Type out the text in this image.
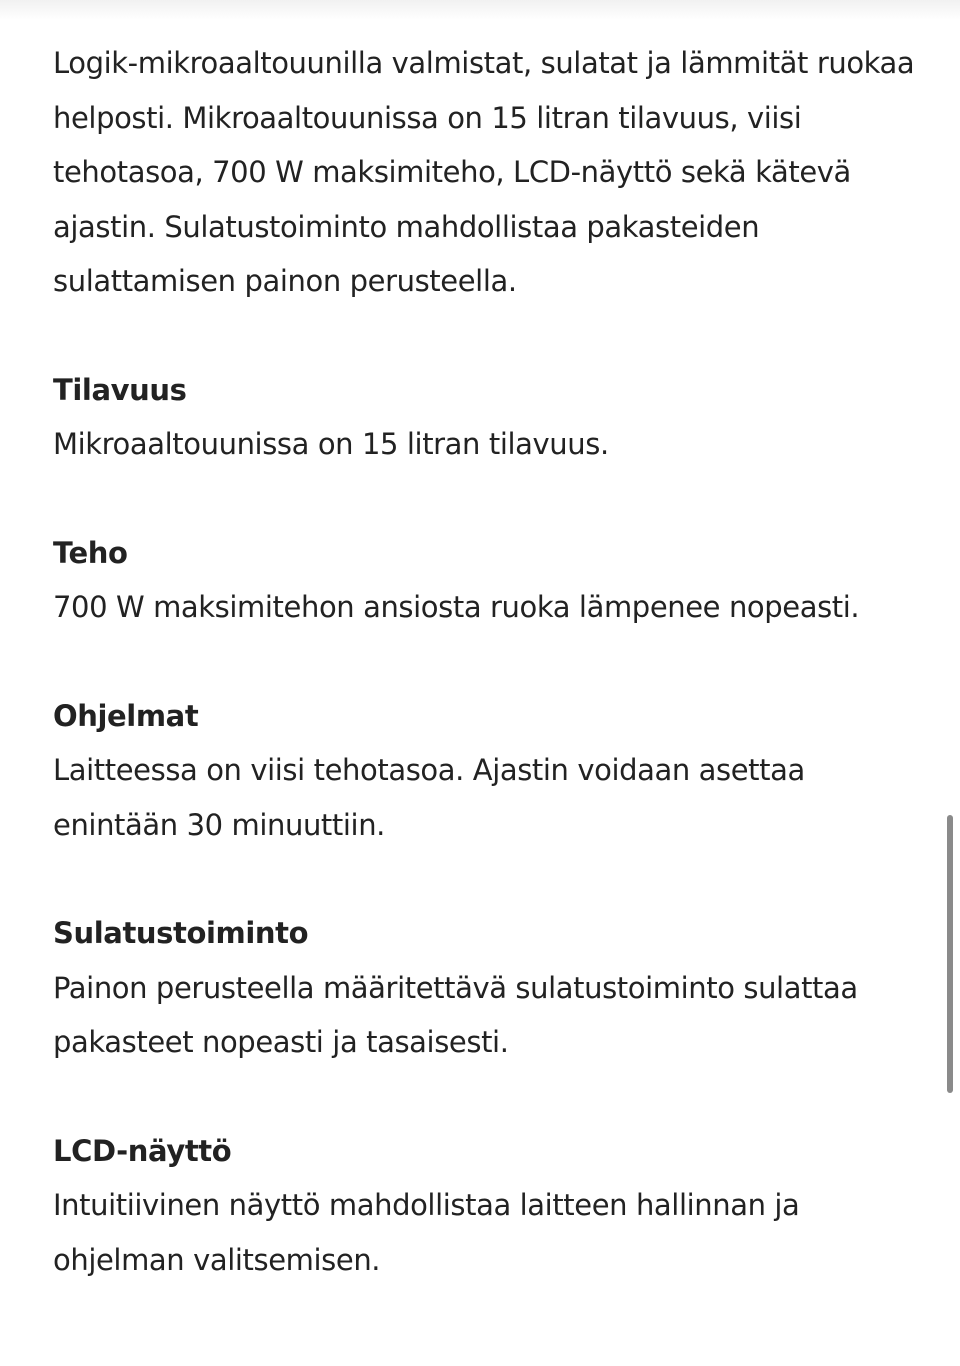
Logik-mikroaaltouunilla valmistat, sulatat ja lämmität ruokaa helposti. Mikroaaltouunissa on 15 litran tilavuus, viisi tehotasoa, 700 W maksimiteho, LCD-näyttö sekä kätevä ajastin. Sulatustoiminto mahdollistaa pakasteiden sulattamisen painon perusteella.

Tilavuus

Mikroaaltouunissa on 15 litran tilavuus.

Teho

700 W maksimitehon ansiosta ruoka lämpenee nopeasti.

Ohjelmat

Laitteessa on viisi tehotasoa. Ajastin voidaan asettaa enintään 30 minuuttiin.

Sulatustoiminto

Painon perusteella määritettävä sulatustoiminto sulattaa pakasteet nopeasti ja tasaisesti.

LCD-näyttö

Intuitiivinen näyttö mahdollistaa laitteen hallinnan ja ohjelman valitsemisen.
